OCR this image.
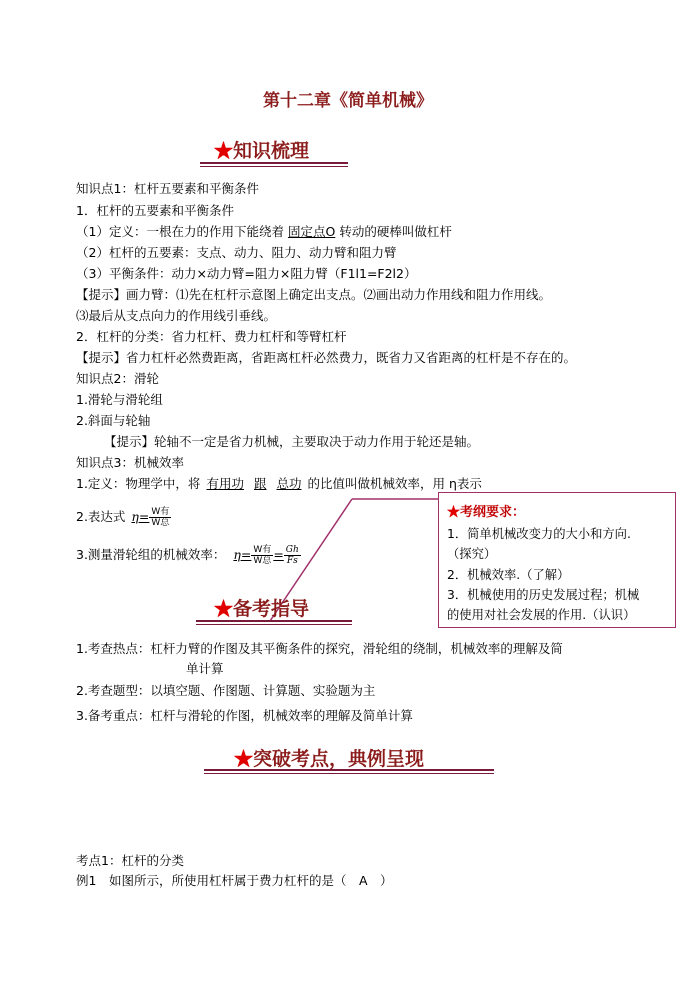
第十二章《简单机械》
★知识梳理
知识点1：杠杆五要素和平衡条件
1．杠杆的五要素和平衡条件
（1）定义：一根在力的作用下能绕着 固定点O 转动的硬棒叫做杠杆
（2）杠杆的五要素：支点、动力、阻力、动力臂和阻力臂
（3）平衡条件：动力×动力臂=阻力×阻力臂（F1l1=F2l2）
【提示】画力臂：⑴先在杠杆示意图上确定出支点。⑵画出动力作用线和阻力作用线。
⑶最后从支点向力的作用线引垂线。
2．杠杆的分类：省力杠杆、费力杠杆和等臂杠杆
【提示】省力杠杆必然费距离，省距离杠杆必然费力，既省力又省距离的杠杆是不存在的。
知识点2：滑轮
1.滑轮与滑轮组
2.斜面与轮轴
【提示】轮轴不一定是省力机械，主要取决于动力作用于轮还是轴。
知识点3：机械效率
1.定义：物理学中，将 有用功 跟 总功 的比值叫做机械效率，用 η表示
2.表达式 $\eta= \frac{\text{W有}}{\text{W总}}$
3.测量滑轮组的机械效率： $\eta= \frac{\text{W有}}{\text{W总}} = \frac{Gh}{Fs}$
★考纲要求：
1．简单机械改变力的大小和方向.
（探究）
2．机械效率.（了解）
3．机械使用的历史发展过程；机械
的使用对社会发展的作用.（认识）
★备考指导
1.考查热点：杠杆力臂的作图及其平衡条件的探究，滑轮组的绕制，机械效率的理解及简
单计算
2.考查题型：以填空题、作图题、计算题、实验题为主
3.备考重点：杠杆与滑轮的作图，机械效率的理解及简单计算
★突破考点，典例呈现
考点1：杠杆的分类
例1　如图所示，所使用杠杆属于费力杠杆的是（　A　）
